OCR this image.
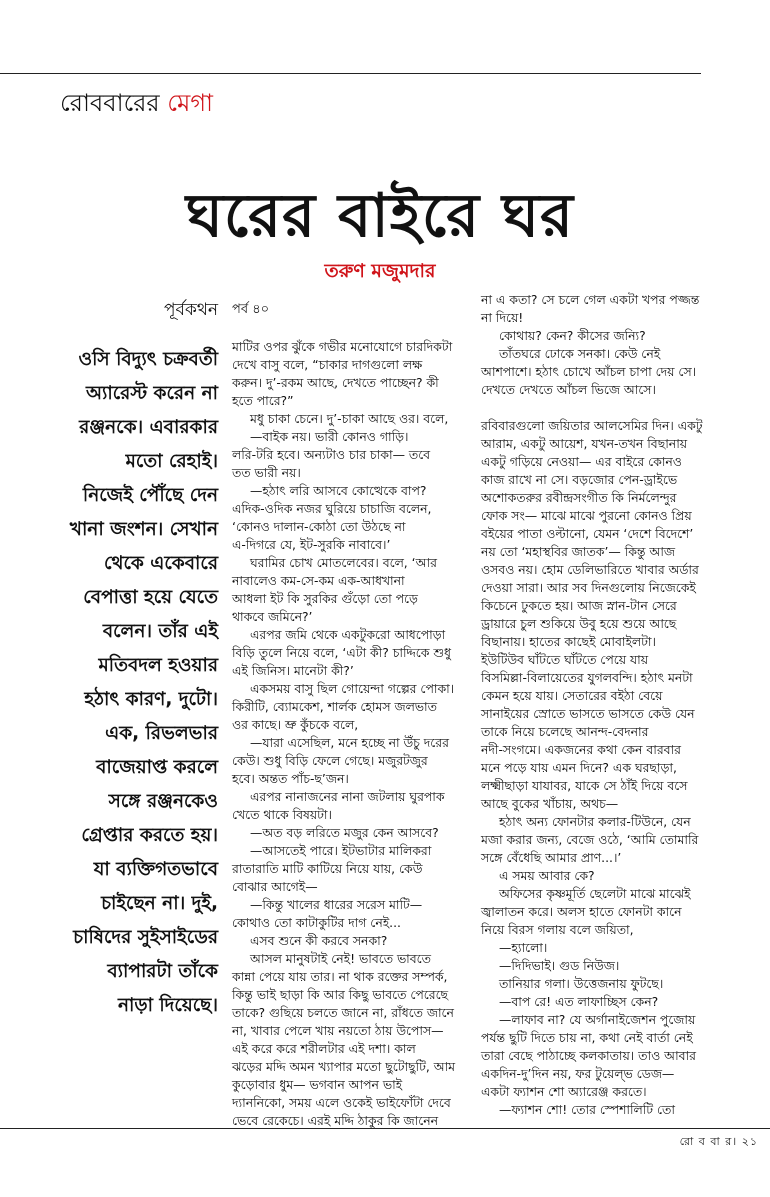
রোববারের মেগা
ঘরের বাইরে ঘর
তরুণ মজুমদার
পূর্বকথন
ওসি বিদ্যুৎ চক্রবর্তী
অ্যারেস্ট করেন না
রঞ্জনকে। এবারকার
মতো রেহাই।
নিজেই পৌঁছে দেন
খানা জংশন। সেখান
থেকে একেবারে
বেপাত্তা হয়ে যেতে
বলেন। তাঁর এই
মতিবদল হওয়ার
হঠাৎ কারণ, দুটো।
এক, রিভলভার
বাজেয়াপ্ত করলে
সঙ্গে রঞ্জনকেও
গ্রেপ্তার করতে হয়।
যা ব্যক্তিগতভাবে
চাইছেন না। দুই,
চাষিদের সুইসাইডের
ব্যাপারটা তাঁকে
নাড়া দিয়েছে।
পর্ব ৪০
মাটির ওপর ঝুঁকে গভীর মনোযোগে চারদিকটা
দেখে বাসু বলে, “চাকার দাগগুলো লক্ষ
করুন। দু’-রকম আছে, দেখতে পাচ্ছেন? কী
হতে পারে?”
মধু চাকা চেনে। দু’-চাকা আছে ওর। বলে,
—বাইক নয়। ভারী কোনও গাড়ি।
লরি-টরি হবে। অন্যটাও চার চাকা— তবে
তত ভারী নয়।
—হঠাৎ লরি আসবে কোত্থেকে বাপ?
এদিক-ওদিক নজর ঘুরিয়ে চাচাজি বলেন,
‘কোনও দালান-কোঠা তো উঠছে না
এ-দিগরে যে, ইট-সুরকি নাবাবে।’
ঘরামির চোখ মোতলেবের। বলে, ‘আর
নাবালেও কম-সে-কম এক-আধখানা
আধলা ইট কি সুরকির গুঁড়ো তো পড়ে
থাকবে জমিনে?’
এরপর জমি থেকে একটুকরো আধপোড়া
বিড়ি তুলে নিয়ে বলে, ‘এটা কী? চাদ্দিকে শুধু
এই জিনিস। মানেটা কী?’
একসময় বাসু ছিল গোয়েন্দা গল্পের পোকা।
কিরীটি, ব্যোমকেশ, শার্লক হোমস জলভাত
ওর কাছে। ভ্রু কুঁচকে বলে,
—যারা এসেছিল, মনে হচ্ছে না উঁচু দরের
কেউ। শুধু বিড়ি ফেলে গেছে। মজুরটজুর
হবে। অন্তত পাঁচ-ছ’জন।
এরপর নানাজনের নানা জটলায় ঘুরপাক
খেতে থাকে বিষয়টা।
—অত বড় লরিতে মজুর কেন আসবে?
—আসতেই পারে। ইটভাটার মালিকরা
রাতারাতি মাটি কাটিয়ে নিয়ে যায়, কেউ
বোঝার আগেই—
—কিন্তু খালের ধারের সরেস মাটি—
কোথাও তো কাটাকুটির দাগ নেই...
এসব শুনে কী করবে সনকা?
আসল মানুষটাই নেই! ভাবতে ভাবতে
কান্না পেয়ে যায় তার। না থাক রক্তের সম্পর্ক,
কিন্তু ভাই ছাড়া কি আর কিছু ভাবতে পেরেছে
তাকে? গুছিয়ে চলতে জানে না, রাঁধতে জানে
না, খাবার পেলে খায় নয়তো ঠায় উপোস—
এই করে করে শরীলটার এই দশা। কাল
ঝড়ের মদ্দি অমন খ্যাপার মতো ছুটোছুটি, আম
কুড়োবার ধুম— ভগবান আপন ভাই
দ্যাননিকো, সময় এলে ওকেই ভাইফোঁটা দেবে
ভেবে রেকেচে। এরই মদ্দি ঠাকুর কি জানেন
না এ কতা? সে চলে গেল একটা খপর পজ্জন্ত
না দিয়ে!
কোথায়? কেন? কীসের জন্যি?
তাঁতঘরে ঢোকে সনকা। কেউ নেই
আশপাশে। হঠাৎ চোখে আঁচল চাপা দেয় সে।
দেখতে দেখতে আঁচল ভিজে আসে।
রবিবারগুলো জয়িতার আলসেমির দিন। একটু
আরাম, একটু আয়েশ, যখন-তখন বিছানায়
একটু গড়িয়ে নেওয়া— এর বাইরে কোনও
কাজ রাখে না সে। বড়জোর পেন-ড্রাইভে
অশোকতরুর রবীন্দ্রসংগীত কি নির্মলেন্দুর
ফোক সং— মাঝে মাঝে পুরনো কোনও প্রিয়
বইয়ের পাতা ওল্টানো, যেমন ‘দেশে বিদেশে’
নয় তো ‘মহাস্থবির জাতক’— কিন্তু আজ
ওসবও নয়। হোম ডেলিভারিতে খাবার অর্ডার
দেওয়া সারা। আর সব দিনগুলোয় নিজেকেই
কিচেনে ঢুকতে হয়। আজ স্নান-টান সেরে
ড্রায়ারে চুল শুকিয়ে উবু হয়ে শুয়ে আছে
বিছানায়। হাতের কাছেই মোবাইলটা।
ইউটিউব ঘাঁটতে ঘাঁটতে পেয়ে যায়
বিসমিল্লা-বিলায়েতের যুগলবন্দি। হঠাৎ মনটা
কেমন হয়ে যায়। সেতারের বইঠা বেয়ে
সানাইয়ের স্রোতে ভাসতে ভাসতে কেউ যেন
তাকে নিয়ে চলেছে আনন্দ-বেদনার
নদী-সংগমে। একজনের কথা কেন বারবার
মনে পড়ে যায় এমন দিনে? এক ঘরছাড়া,
লক্ষ্মীছাড়া যাযাবর, যাকে সে ঠাঁই দিয়ে বসে
আছে বুকের খাঁচায়, অথচ—
হঠাৎ অন্য ফোনটার কলার-টিউনে, যেন
মজা করার জন্য, বেজে ওঠে, ‘আমি তোমারি
সঙ্গে বেঁধেছি আমার প্রাণ...।’
এ সময় আবার কে?
অফিসের কৃষ্ণমূর্তি ছেলেটা মাঝে মাঝেই
জ্বালাতন করে। অলস হাতে ফোনটা কানে
নিয়ে বিরস গলায় বলে জয়িতা,
—হ্যালো।
—দিদিভাই। গুড নিউজ।
তানিয়ার গলা। উত্তেজনায় ফুটছে।
—বাপ রে! এত লাফাচ্ছিস কেন?
—লাফাব না? যে অর্গানাইজেশন পুজোয়
পর্যন্ত ছুটি দিতে চায় না, কথা নেই বার্তা নেই
তারা বেছে পাঠাচ্ছে কলকাতায়। তাও আবার
একদিন-দু’দিন নয়, ফর টুয়েল্ভ ডেজ—
একটা ফ্যাশন শো অ্যারেঞ্জ করতে।
—ফ্যাশন শো! তোর স্পেশালিটি তো
রো ব বা র। ২১
